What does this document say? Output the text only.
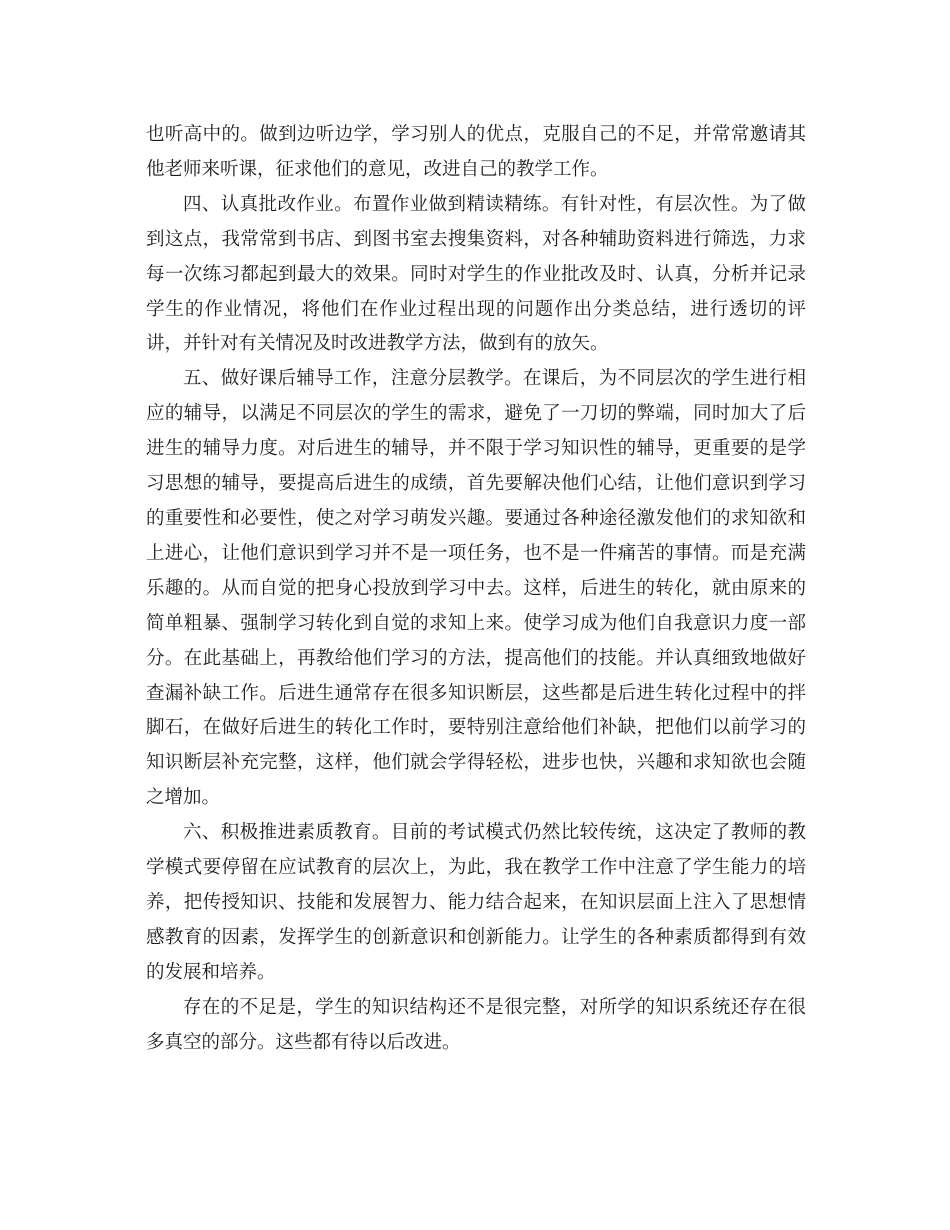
也听高中的。做到边听边学，学习别人的优点，克服自己的不足，并常常邀请其他老师来听课，征求他们的意见，改进自己的教学工作。

四、认真批改作业。布置作业做到精读精练。有针对性，有层次性。为了做到这点，我常常到书店、到图书室去搜集资料，对各种辅助资料进行筛选，力求每一次练习都起到最大的效果。同时对学生的作业批改及时、认真，分析并记录学生的作业情况，将他们在作业过程出现的问题作出分类总结，进行透切的评讲，并针对有关情况及时改进教学方法，做到有的放矢。

五、做好课后辅导工作，注意分层教学。在课后，为不同层次的学生进行相应的辅导，以满足不同层次的学生的需求，避免了一刀切的弊端，同时加大了后进生的辅导力度。对后进生的辅导，并不限于学习知识性的辅导，更重要的是学习思想的辅导，要提高后进生的成绩，首先要解决他们心结，让他们意识到学习的重要性和必要性，使之对学习萌发兴趣。要通过各种途径激发他们的求知欲和上进心，让他们意识到学习并不是一项任务，也不是一件痛苦的事情。而是充满乐趣的。从而自觉的把身心投放到学习中去。这样，后进生的转化，就由原来的简单粗暴、强制学习转化到自觉的求知上来。使学习成为他们自我意识力度一部分。在此基础上，再教给他们学习的方法，提高他们的技能。并认真细致地做好查漏补缺工作。后进生通常存在很多知识断层，这些都是后进生转化过程中的拌脚石，在做好后进生的转化工作时，要特别注意给他们补缺，把他们以前学习的知识断层补充完整，这样，他们就会学得轻松，进步也快，兴趣和求知欲也会随之增加。

六、积极推进素质教育。目前的考试模式仍然比较传统，这决定了教师的教学模式要停留在应试教育的层次上，为此，我在教学工作中注意了学生能力的培养，把传授知识、技能和发展智力、能力结合起来，在知识层面上注入了思想情感教育的因素，发挥学生的创新意识和创新能力。让学生的各种素质都得到有效的发展和培养。

存在的不足是，学生的知识结构还不是很完整，对所学的知识系统还存在很多真空的部分。这些都有待以后改进。
